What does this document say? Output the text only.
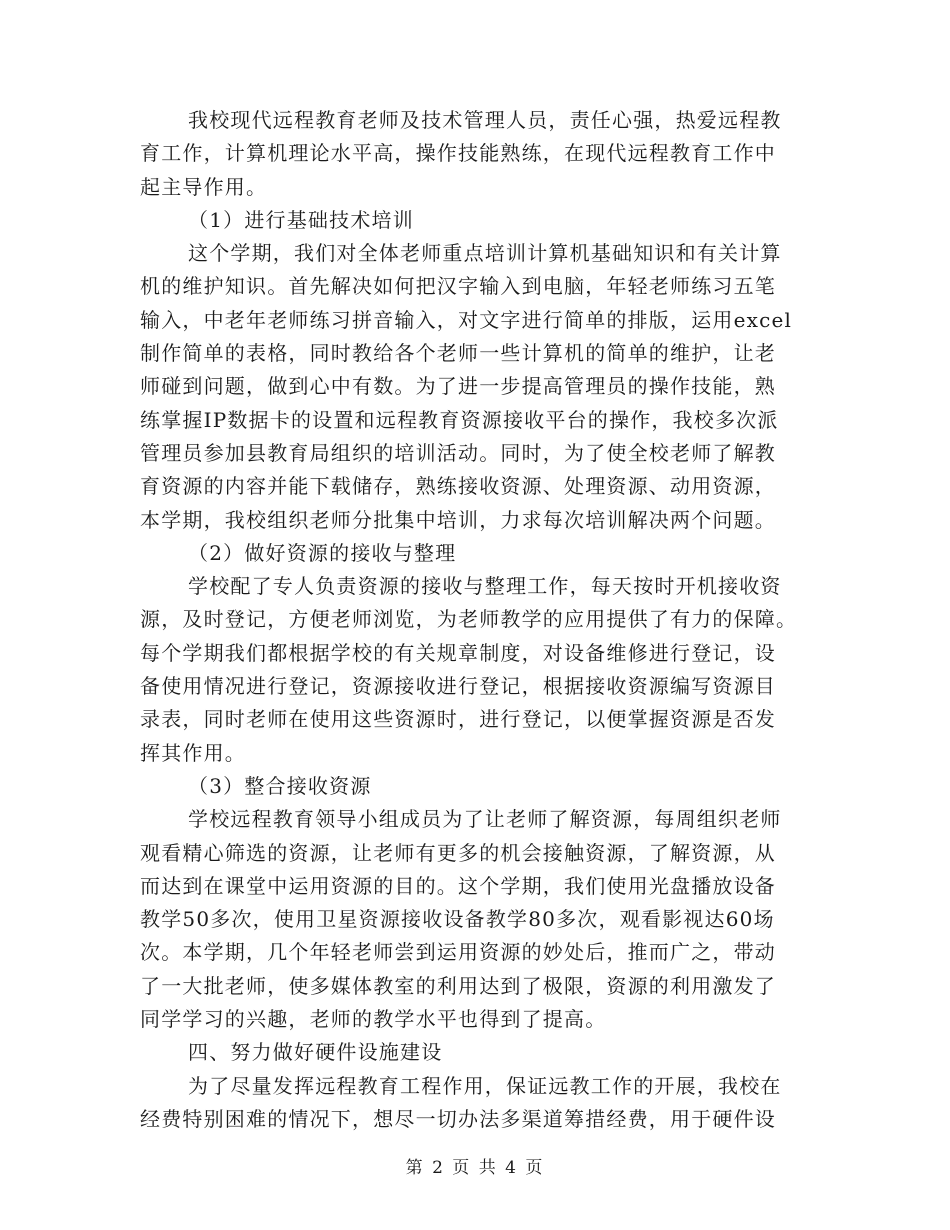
我校现代远程教育老师及技术管理人员，责任心强，热爱远程教
育工作，计算机理论水平高，操作技能熟练，在现代远程教育工作中
起主导作用。

（1）进行基础技术培训

这个学期，我们对全体老师重点培训计算机基础知识和有关计算
机的维护知识。首先解决如何把汉字输入到电脑，年轻老师练习五笔
输入，中老年老师练习拼音输入，对文字进行简单的排版，运用excel
制作简单的表格，同时教给各个老师一些计算机的简单的维护，让老
师碰到问题，做到心中有数。为了进一步提高管理员的操作技能，熟
练掌握IP数据卡的设置和远程教育资源接收平台的操作，我校多次派
管理员参加县教育局组织的培训活动。同时，为了使全校老师了解教
育资源的内容并能下载储存，熟练接收资源、处理资源、动用资源，
本学期，我校组织老师分批集中培训，力求每次培训解决两个问题。

（2）做好资源的接收与整理

学校配了专人负责资源的接收与整理工作，每天按时开机接收资
源，及时登记，方便老师浏览，为老师教学的应用提供了有力的保障。
每个学期我们都根据学校的有关规章制度，对设备维修进行登记，设
备使用情况进行登记，资源接收进行登记，根据接收资源编写资源目
录表，同时老师在使用这些资源时，进行登记，以便掌握资源是否发
挥其作用。

（3）整合接收资源

学校远程教育领导小组成员为了让老师了解资源，每周组织老师
观看精心筛选的资源，让老师有更多的机会接触资源，了解资源，从
而达到在课堂中运用资源的目的。这个学期，我们使用光盘播放设备
教学50多次，使用卫星资源接收设备教学80多次，观看影视达60场
次。本学期，几个年轻老师尝到运用资源的妙处后，推而广之，带动
了一大批老师，使多媒体教室的利用达到了极限，资源的利用激发了
同学学习的兴趣，老师的教学水平也得到了提高。

四、努力做好硬件设施建设

为了尽量发挥远程教育工程作用，保证远教工作的开展，我校在
经费特别困难的情况下，想尽一切办法多渠道筹措经费，用于硬件设

第 2 页 共 4 页
